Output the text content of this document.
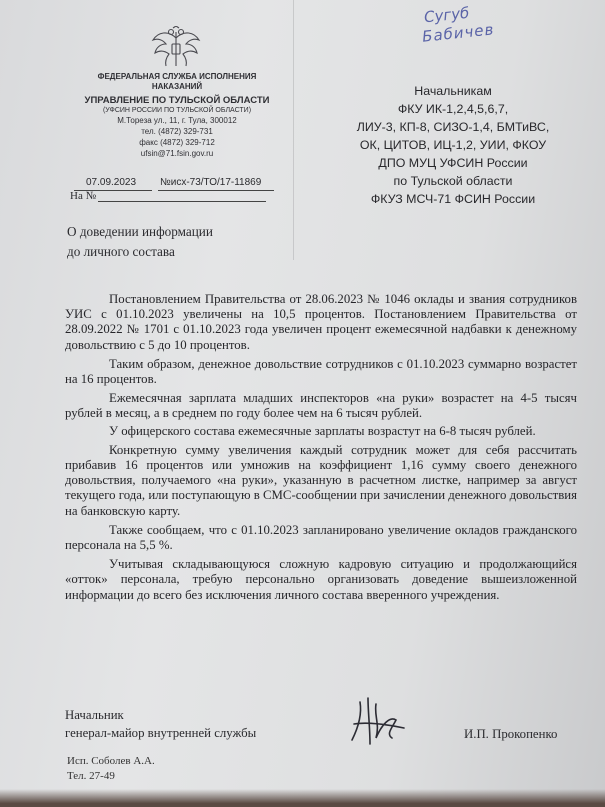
Сугуб
Бабичев
ФЕДЕРАЛЬНАЯ СЛУЖБА ИСПОЛНЕНИЯ НАКАЗАНИЙ
УПРАВЛЕНИЕ ПО ТУЛЬСКОЙ ОБЛАСТИ
(УФСИН РОССИИ ПО ТУЛЬСКОЙ ОБЛАСТИ)
М.Тореза ул., 11, г. Тула, 300012
тел. (4872) 329-731
факс (4872) 329-712
ufsin@71.fsin.gov.ru
07.09.2023 №исх-73/ТО/17-11869
На №
Начальникам
ФКУ ИК-1,2,4,5,6,7,
ЛИУ-3, КП-8, СИЗО-1,4, БМТиВС,
ОК, ЦИТОВ, ИЦ-1,2, УИИ, ФКОУ
ДПО МУЦ УФСИН России
по Тульской области
ФКУЗ МСЧ-71 ФСИН России
О доведении информации
до личного состава

Постановлением Правительства от 28.06.2023 № 1046 оклады и звания сотрудников УИС с 01.10.2023 увеличены на 10,5 процентов. Постановлением Правительства от 28.09.2022 № 1701 с 01.10.2023 года увеличен процент ежемесячной надбавки к денежному довольствию с 5 до 10 процентов.

Таким образом, денежное довольствие сотрудников с 01.10.2023 суммарно возрастет на 16 процентов.

Ежемесячная зарплата младших инспекторов «на руки» возрастет на 4-5 тысяч рублей в месяц, а в среднем по году более чем на 6 тысяч рублей.

У офицерского состава ежемесячные зарплаты возрастут на 6-8 тысяч рублей.

Конкретную сумму увеличения каждый сотрудник может для себя рассчитать прибавив 16 процентов или умножив на коэффициент 1,16 сумму своего денежного довольствия, получаемого «на руки», указанную в расчетном листке, например за август текущего года, или поступающую в СМС-сообщении при зачислении денежного довольствия на банковскую карту.

Также сообщаем, что с 01.10.2023 запланировано увеличение окладов гражданского персонала на 5,5 %.

Учитывая складывающуюся сложную кадровую ситуацию и продолжающийся «отток» персонала, требую персонально организовать доведение вышеизложенной информации до всего без исключения личного состава вверенного учреждения.

Начальник
генерал-майор внутренней службы	И.П. Прокопенко
Исп. Соболев А.А.
Тел. 27-49
